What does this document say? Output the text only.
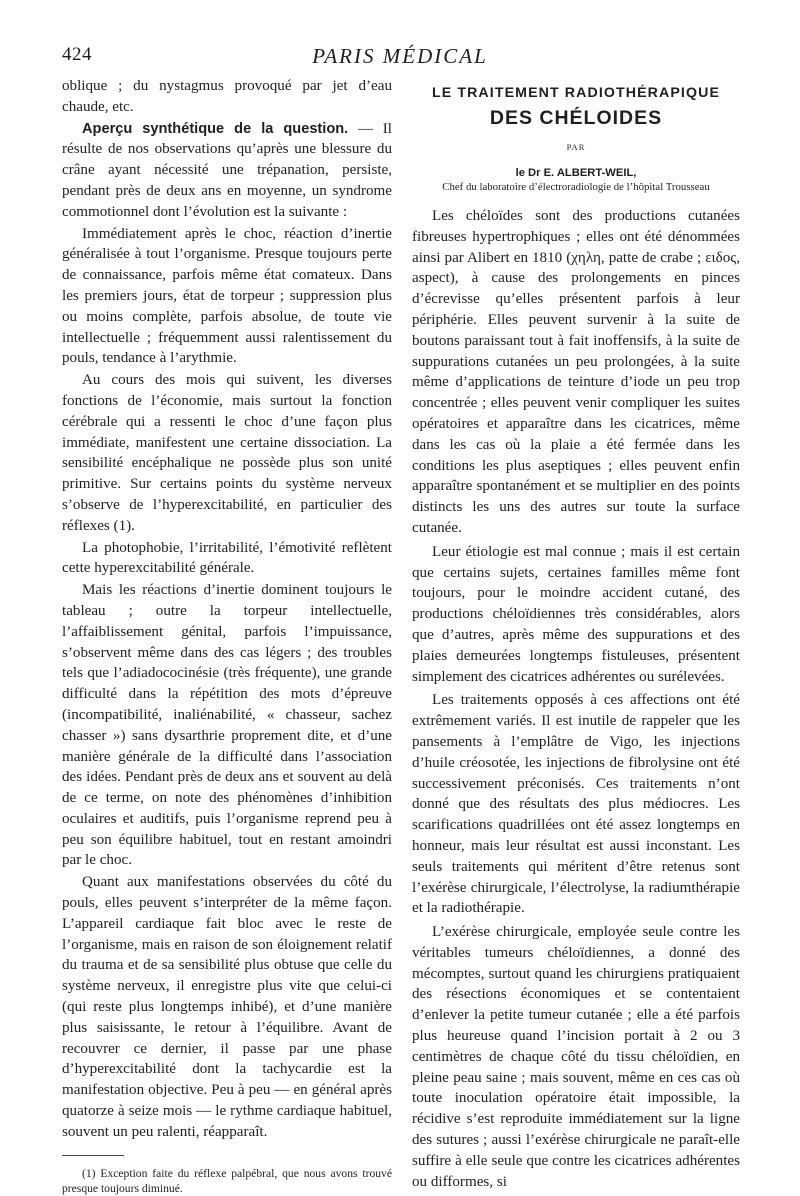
424	PARIS MÉDICAL

oblique ; du nystagmus provoqué par jet d’eau chaude, etc.

Aperçu synthétique de la question. — Il résulte de nos observations qu’après une blessure du crâne ayant nécessité une trépanation, persiste, pendant près de deux ans en moyenne, un syndrome commotionnel dont l’évolution est la suivante :

Immédiatement après le choc, réaction d’inertie généralisée à tout l’organisme. Presque toujours perte de connaissance, parfois même état comateux. Dans les premiers jours, état de torpeur ; suppression plus ou moins complète, parfois absolue, de toute vie intellectuelle ; fréquemment aussi ralentissement du pouls, tendance à l’arythmie.

Au cours des mois qui suivent, les diverses fonctions de l’économie, mais surtout la fonction cérébrale qui a ressenti le choc d’une façon plus immédiate, manifestent une certaine dissociation. La sensibilité encéphalique ne possède plus son unité primitive. Sur certains points du système nerveux s’observe de l’hyperexcitabilité, en particulier des réflexes (1).

La photophobie, l’irritabilité, l’émotivité reflètent cette hyperexcitabilité générale.

Mais les réactions d’inertie dominent toujours le tableau ; outre la torpeur intellectuelle, l’affaiblissement génital, parfois l’impuissance, s’observent même dans des cas légers ; des troubles tels que l’adiadococinésie (très fréquente), une grande difficulté dans la répétition des mots d’épreuve (incompatibilité, inaliénabilité, « chasseur, sachez chasser ») sans dysarthrie proprement dite, et d’une manière générale de la difficulté dans l’association des idées. Pendant près de deux ans et souvent au delà de ce terme, on note des phénomènes d’inhibition oculaires et auditifs, puis l’organisme reprend peu à peu son équilibre habituel, tout en restant amoindri par le choc.

Quant aux manifestations observées du côté du pouls, elles peuvent s’interpréter de la même façon. L’appareil cardiaque fait bloc avec le reste de l’organisme, mais en raison de son éloignement relatif du trauma et de sa sensibilité plus obtuse que celle du système nerveux, il enregistre plus vite que celui-ci (qui reste plus longtemps inhibé), et d’une manière plus saisissante, le retour à l’équilibre. Avant de recouvrer ce dernier, il passe par une phase d’hyperexcitabilité dont la tachycardie est la manifestation objective. Peu à peu — en général après quatorze à seize mois — le rythme cardiaque habituel, souvent un peu ralenti, réapparaît.

(1) Exception faite du réflexe palpébral, que nous avons trouvé presque toujours diminué.

LE TRAITEMENT RADIOTHÉRAPIQUE
DES CHÉLOIDES
PAR
le Dr E. ALBERT-WEIL,
Chef du laboratoire d’électroradiologie de l’hôpital Trousseau

Les chéloïdes sont des productions cutanées fibreuses hypertrophiques ; elles ont été dénommées ainsi par Alibert en 1810 (χηλη, patte de crabe ; ειδος, aspect), à cause des prolongements en pinces d’écrevisse qu’elles présentent parfois à leur périphérie. Elles peuvent survenir à la suite de boutons paraissant tout à fait inoffensifs, à la suite de suppurations cutanées un peu prolongées, à la suite même d’applications de teinture d’iode un peu trop concentrée ; elles peuvent venir compliquer les suites opératoires et apparaître dans les cicatrices, même dans les cas où la plaie a été fermée dans les conditions les plus aseptiques ; elles peuvent enfin apparaître spontanément et se multiplier en des points distincts les uns des autres sur toute la surface cutanée.

Leur étiologie est mal connue ; mais il est certain que certains sujets, certaines familles même font toujours, pour le moindre accident cutané, des productions chéloïdiennes très considérables, alors que d’autres, après même des suppurations et des plaies demeurées longtemps fistuleuses, présentent simplement des cicatrices adhérentes ou surélevées.

Les traitements opposés à ces affections ont été extrêmement variés. Il est inutile de rappeler que les pansements à l’emplâtre de Vigo, les injections d’huile créosotée, les injections de fibrolysine ont été successivement préconisés. Ces traitements n’ont donné que des résultats des plus médiocres. Les scarifications quadrillées ont été assez longtemps en honneur, mais leur résultat est aussi inconstant. Les seuls traitements qui méritent d’être retenus sont l’exérèse chirurgicale, l’électrolyse, la radiumthérapie et la radiothérapie.

L’exérèse chirurgicale, employée seule contre les véritables tumeurs chéloïdiennes, a donné des mécomptes, surtout quand les chirurgiens pratiquaient des résections économiques et se contentaient d’enlever la petite tumeur cutanée ; elle a été parfois plus heureuse quand l’incision portait à 2 ou 3 centimètres de chaque côté du tissu chéloïdien, en pleine peau saine ; mais souvent, même en ces cas où toute inoculation opératoire était impossible, la récidive s’est reproduite immédiatement sur la ligne des sutures ; aussi l’exérèse chirurgicale ne paraît-elle suffire à elle seule que contre les cicatrices adhérentes ou difformes, si
